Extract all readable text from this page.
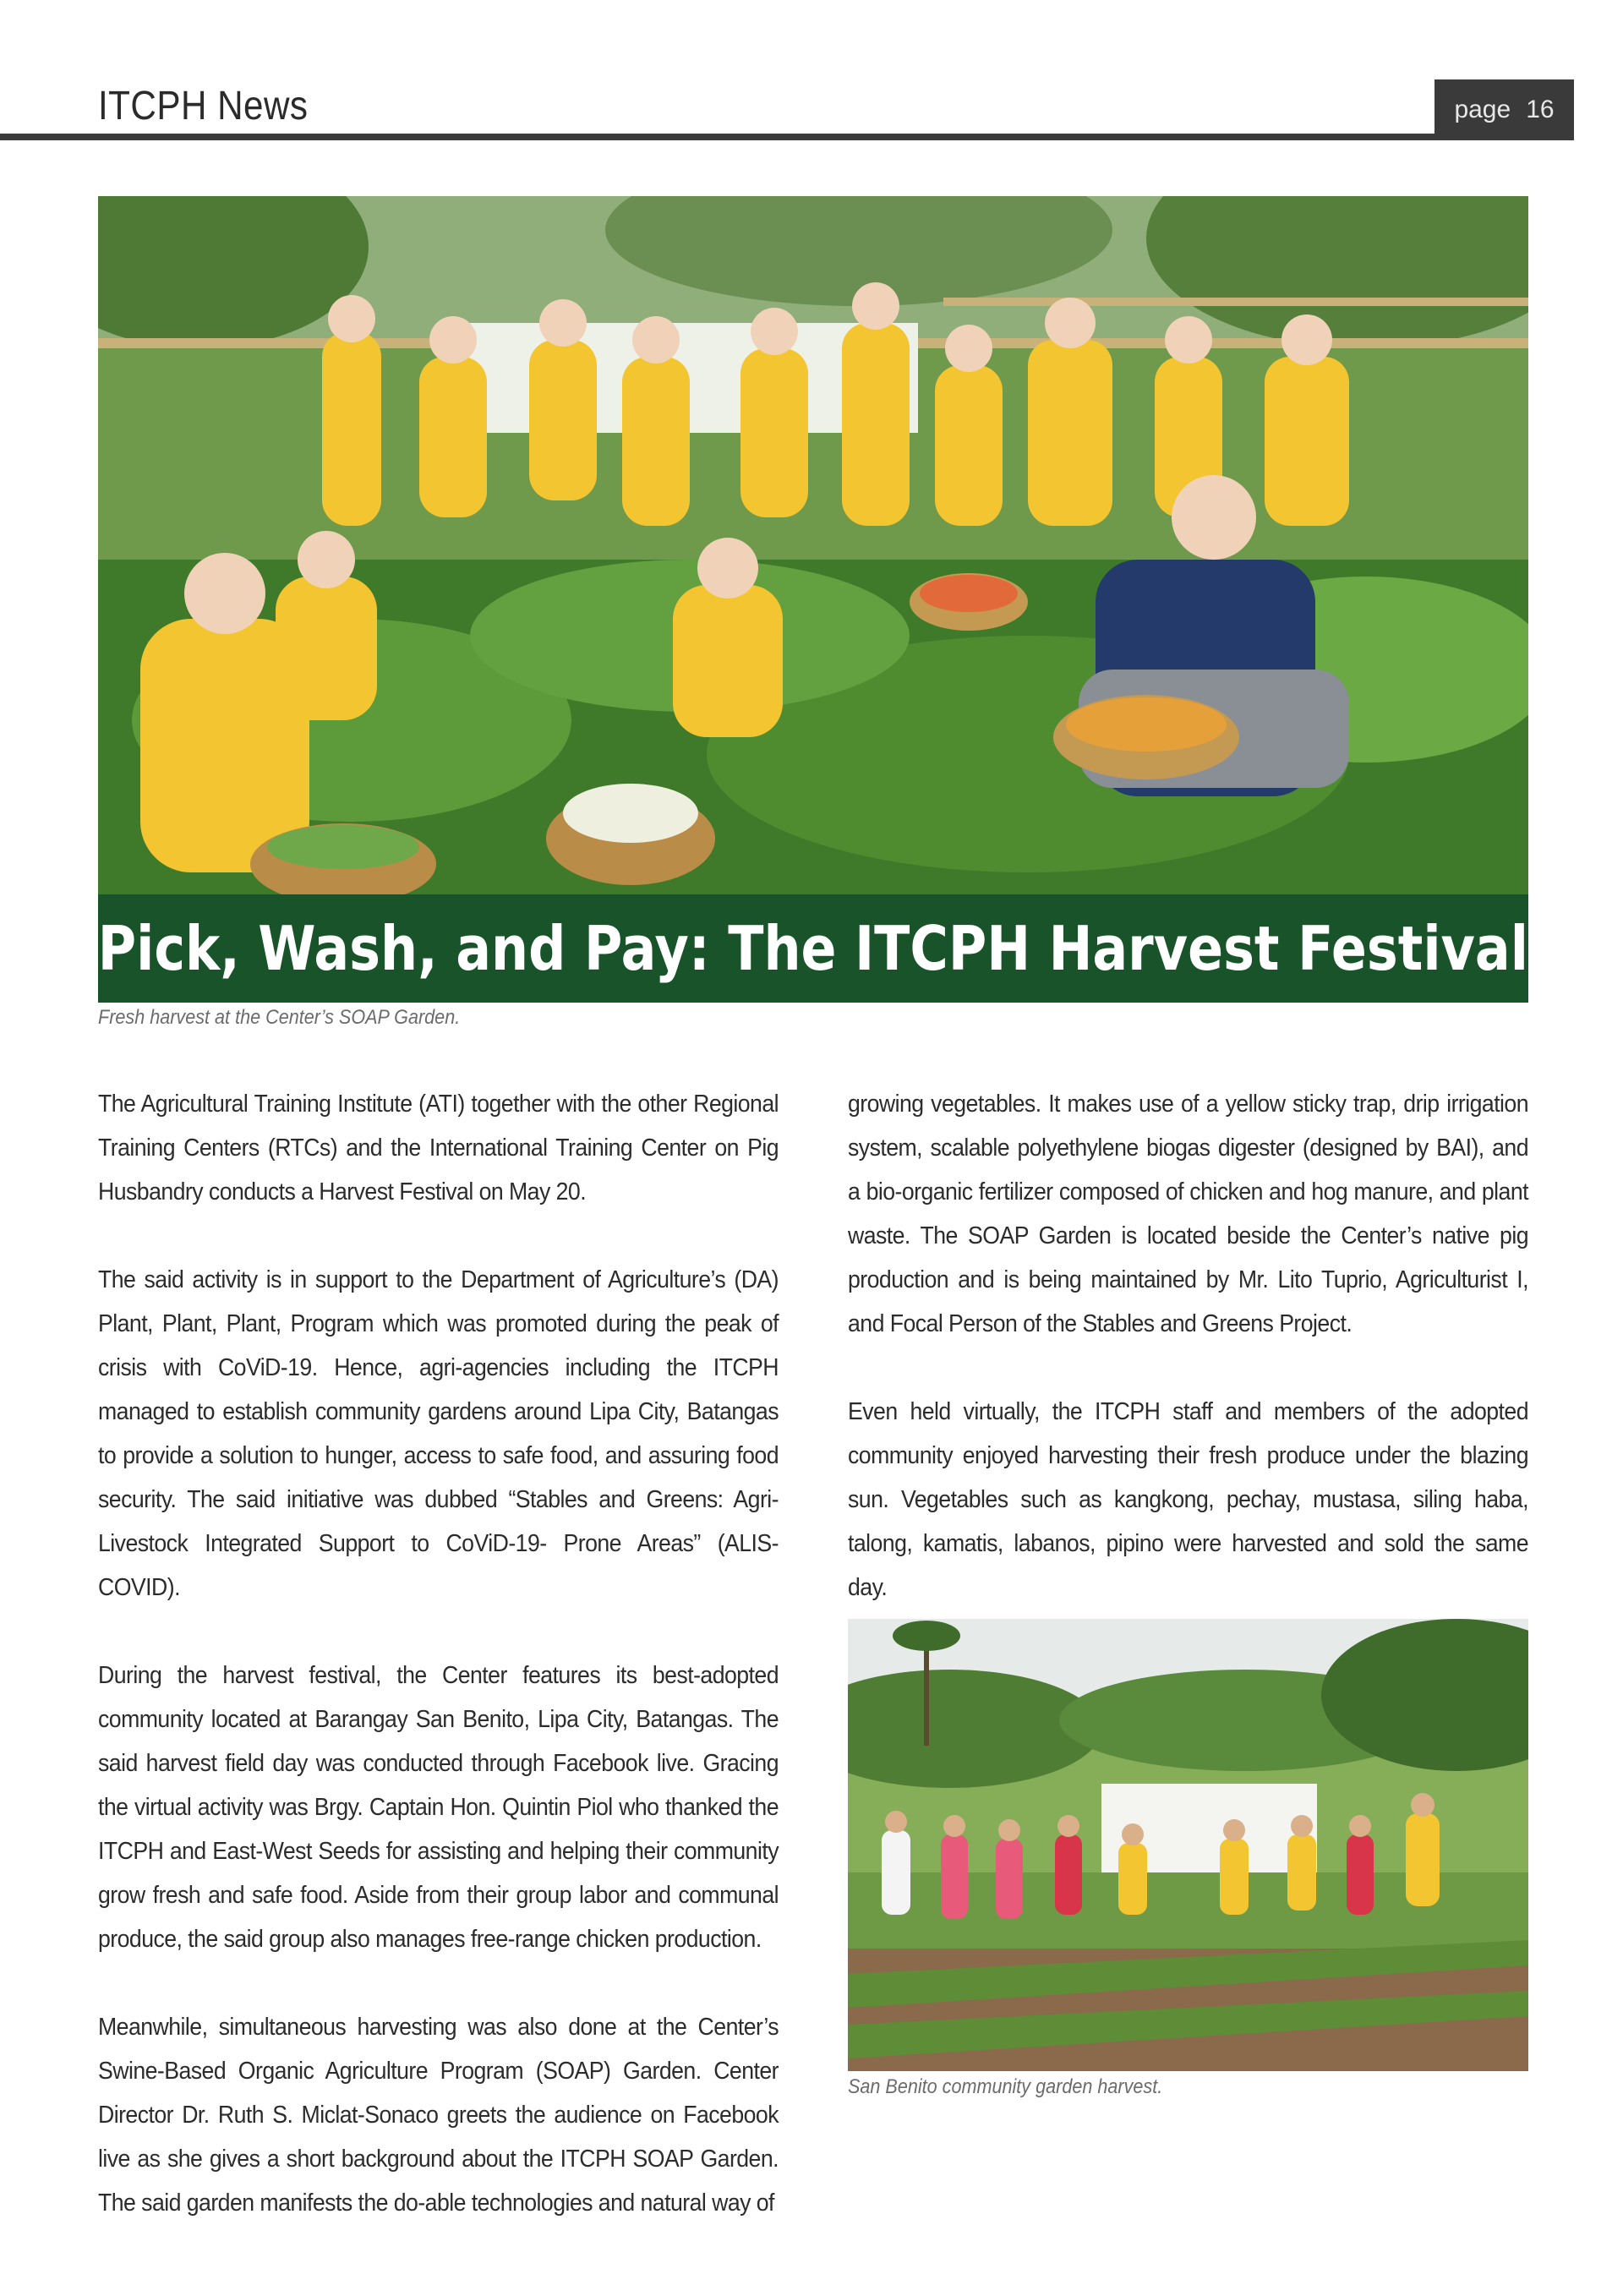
ITCPH News	page 16
Pick, Wash, and Pay: The ITCPH Harvest Festival
Fresh harvest at the Center’s SOAP Garden.

The Agricultural Training Institute (ATI) together with the other Regional Training Centers (RTCs) and the International Training Center on Pig Husbandry conducts a Harvest Festival on May 20.

The said activity is in support to the Department of Agriculture’s (DA) Plant, Plant, Plant, Program which was promoted during the peak of crisis with CoViD-19. Hence, agri-agencies including the ITCPH managed to establish community gardens around Lipa City, Batangas to provide a solution to hunger, access to safe food, and assuring food security. The said initiative was dubbed “Stables and Greens: Agri-Livestock Integrated Support to CoViD-19- Prone Areas” (ALIS-COVID).

During the harvest festival, the Center features its best-adopted community located at Barangay San Benito, Lipa City, Batangas. The said harvest field day was conducted through Facebook live. Gracing the virtual activity was Brgy. Captain Hon. Quintin Piol who thanked the ITCPH and East-West Seeds for assisting and helping their community grow fresh and safe food. Aside from their group labor and communal produce, the said group also manages free-range chicken production.

Meanwhile, simultaneous harvesting was also done at the Center’s Swine-Based Organic Agriculture Program (SOAP) Garden. Center Director Dr. Ruth S. Miclat-Sonaco greets the audience on Facebook live as she gives a short background about the ITCPH SOAP Garden. The said garden manifests the do-able technologies and natural way of

growing vegetables. It makes use of a yellow sticky trap, drip irrigation system, scalable polyethylene biogas digester (designed by BAI), and a bio-organic fertilizer composed of chicken and hog manure, and plant waste. The SOAP Garden is located beside the Center’s native pig production and is being maintained by Mr. Lito Tuprio, Agriculturist I, and Focal Person of the Stables and Greens Project.

Even held virtually, the ITCPH staff and members of the adopted community enjoyed harvesting their fresh produce under the blazing sun. Vegetables such as kangkong, pechay, mustasa, siling haba, talong, kamatis, labanos, pipino were harvested and sold the same day.

San Benito community garden harvest.
